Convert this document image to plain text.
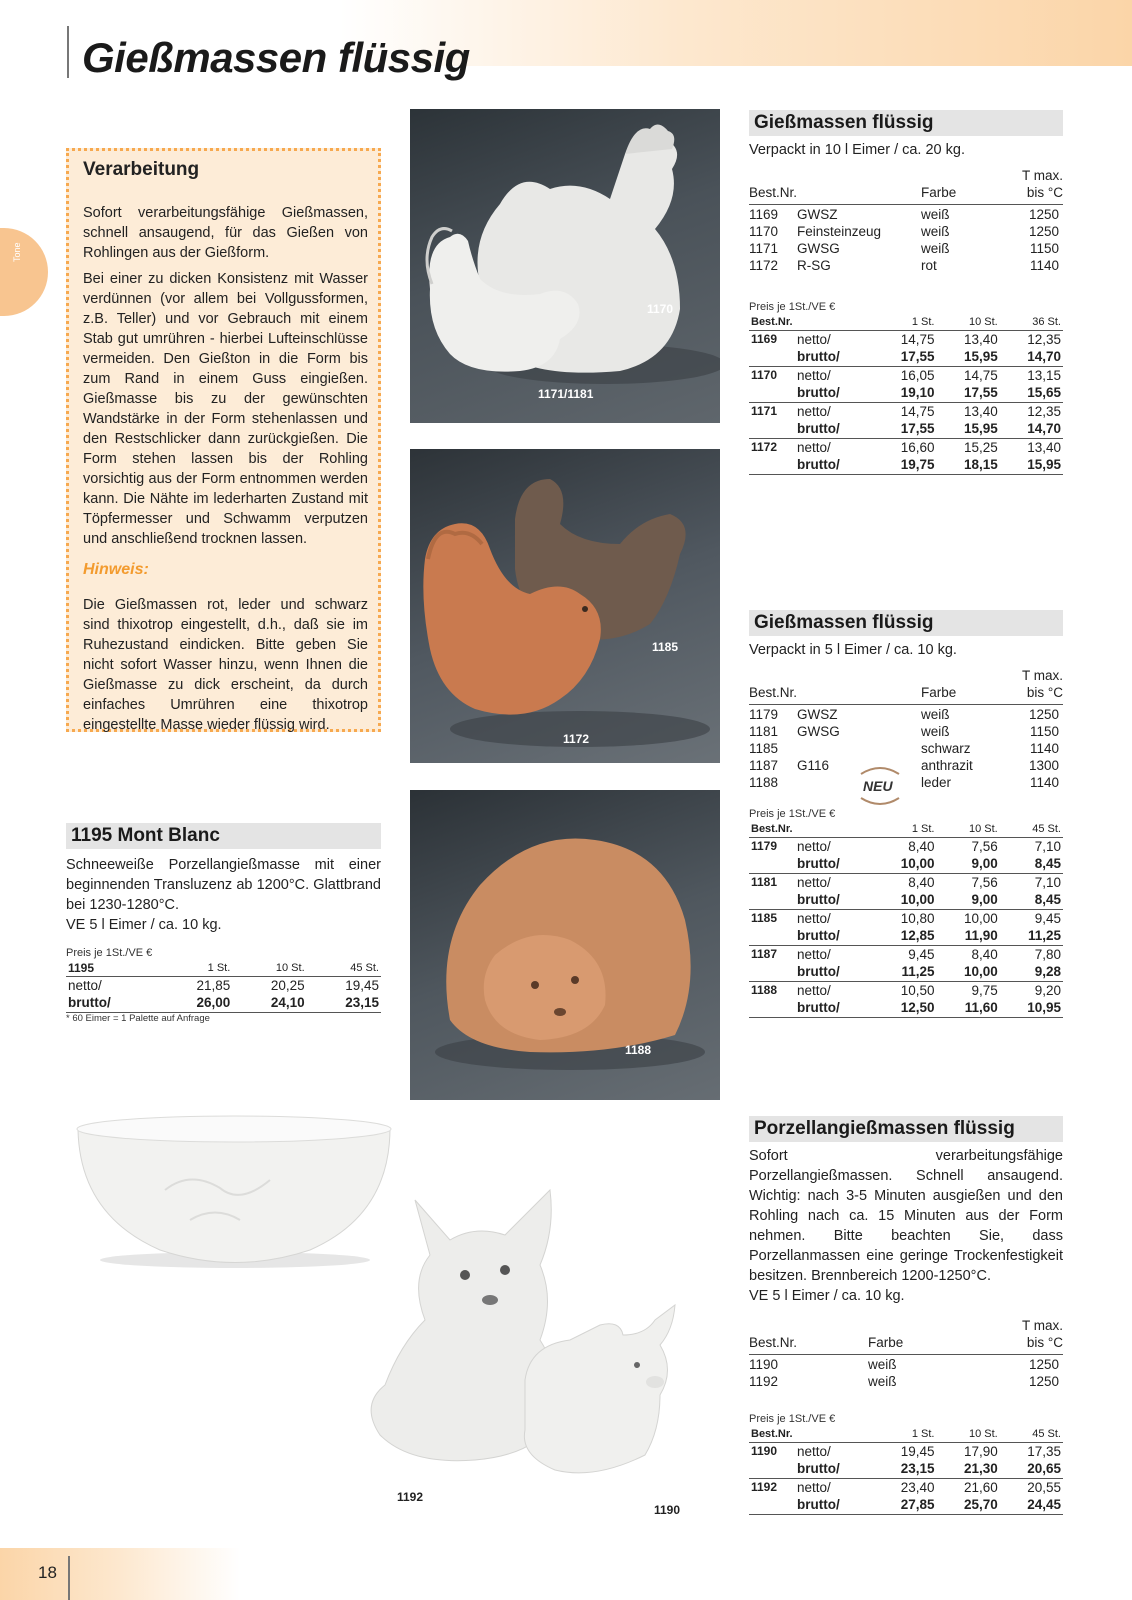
Gießmassen flüssig
Tone
18
Verarbeitung

Sofort verarbeitungsfähige Gießmassen, schnell ansaugend, für das Gießen von Rohlingen aus der Gießform.

Bei einer zu dicken Konsistenz mit Wasser verdünnen (vor allem bei Vollgussformen, z.B. Teller) und vor Gebrauch mit einem Stab gut umrühren - hierbei Lufteinschlüsse vermeiden. Den Gießton in die Form bis zum Rand in einem Guss eingießen. Gießmasse bis zu der gewünschten Wandstärke in der Form stehenlassen und den Restschlicker dann zurückgießen. Die Form stehen lassen bis der Rohling vorsichtig aus der Form entnommen werden kann. Die Nähte im lederharten Zustand mit Töpfermesser und Schwamm verputzen und anschließend trocknen lassen.

Hinweis:

Die Gießmassen rot, leder und schwarz sind thixotrop eingestellt, d.h., daß sie im Ruhezustand eindicken. Bitte geben Sie nicht sofort Wasser hinzu, wenn Ihnen die Gießmasse zu dick erscheint, da durch einfaches Umrühren eine thixotrop eingestellte Masse wieder flüssig wird.

1195 Mont Blanc

Schneeweiße Porzellangießmasse mit einer beginnenden Transluzenz ab 1200°C. Glattbrand bei 1230-1280°C.

VE 5 l Eimer / ca. 10 kg.

Preis je 1St./VE €
1195	1 St.	10 St.	45 St.
netto/	21,85	20,25	19,45
brutto/	26,00	24,10	23,15
* 60 Eimer = 1 Palette auf Anfrage
1170
1171/1181
1185
1172
1188
1192
1190
Gießmassen flüssig

Verpackt in 10 l Eimer / ca. 20 kg.

Best.Nr.	Farbe
T max.
bis °C
1169 GWSZ	weiß	1250
1170 Feinsteinzeug	weiß	1250
1171 GWSG	weiß	1150
1172 R-SG	rot	1140
Preis je 1St./VE €
Best.Nr.		1 St.	10 St.	36 St.
1169	netto/	14,75	13,40	12,35
	brutto/	17,55	15,95	14,70
1170	netto/	16,05	14,75	13,15
	brutto/	19,10	17,55	15,65
1171	netto/	14,75	13,40	12,35
	brutto/	17,55	15,95	14,70
1172	netto/	16,60	15,25	13,40
	brutto/	19,75	18,15	15,95
Gießmassen flüssig

Verpackt in 5 l Eimer / ca. 10 kg.

Best.Nr.	Farbe
T max.
bis °C
1179 GWSZ	weiß	1250
1181 GWSG	weiß	1150
1185	schwarz	1140
1187 G116	anthrazit	1300
1188	leder	1140
Preis je 1St./VE €
Best.Nr.		1 St.	10 St.	45 St.
1179	netto/	8,40	7,56	7,10
	brutto/	10,00	9,00	8,45
1181	netto/	8,40	7,56	7,10
	brutto/	10,00	9,00	8,45
1185	netto/	10,80	10,00	9,45
	brutto/	12,85	11,90	11,25
1187	netto/	9,45	8,40	7,80
	brutto/	11,25	10,00	9,28
1188	netto/	10,50	9,75	9,20
	brutto/	12,50	11,60	10,95
NEU
Porzellangießmassen flüssig

Sofort verarbeitungsfähige Porzellangießmassen. Schnell ansaugend. Wichtig: nach 3-5 Minuten ausgießen und den Rohling nach ca. 15 Minuten aus der Form nehmen. Bitte beachten Sie, dass Porzellanmassen eine geringe Trockenfestigkeit besitzen. Brennbereich 1200-1250°C.

VE 5 l Eimer / ca. 10 kg.

Best.Nr.	Farbe
T max.
bis °C
1190	weiß	1250
1192	weiß	1250
Preis je 1St./VE €
Best.Nr.		1 St.	10 St.	45 St.
1190	netto/	19,45	17,90	17,35
	brutto/	23,15	21,30	20,65
1192	netto/	23,40	21,60	20,55
	brutto/	27,85	25,70	24,45
